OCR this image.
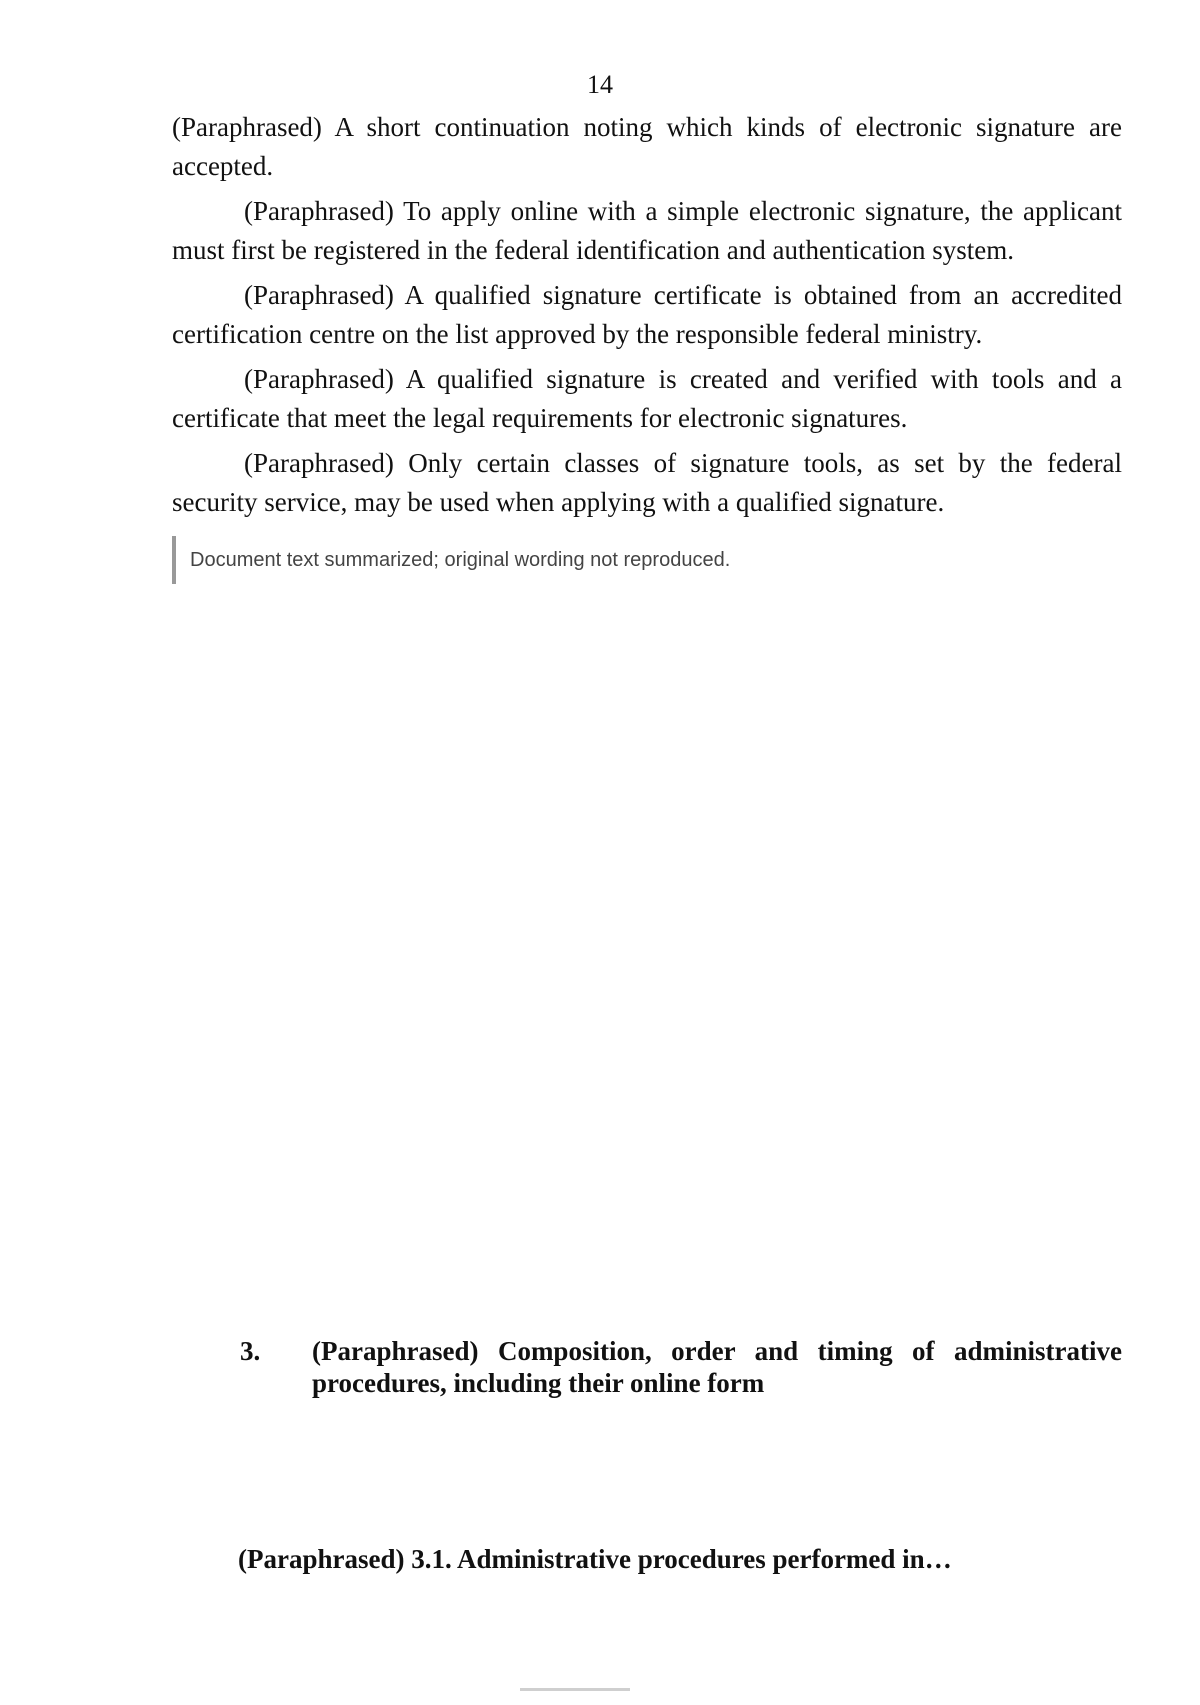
14

(Paraphrased) A short continuation noting which kinds of electronic signature are accepted.

(Paraphrased) To apply online with a simple electronic signature, the applicant must first be registered in the federal identification and authentication system.

(Paraphrased) A qualified signature certificate is obtained from an accredited certification centre on the list approved by the responsible federal ministry.

(Paraphrased) A qualified signature is created and verified with tools and a certificate that meet the legal requirements for electronic signatures.

(Paraphrased) Only certain classes of signature tools, as set by the federal security service, may be used when applying with a qualified signature.

Document text summarized; original wording not reproduced.
3.	(Paraphrased) Composition, order and timing of administrative procedures, including their online form
(Paraphrased) 3.1. Administrative procedures performed in…
